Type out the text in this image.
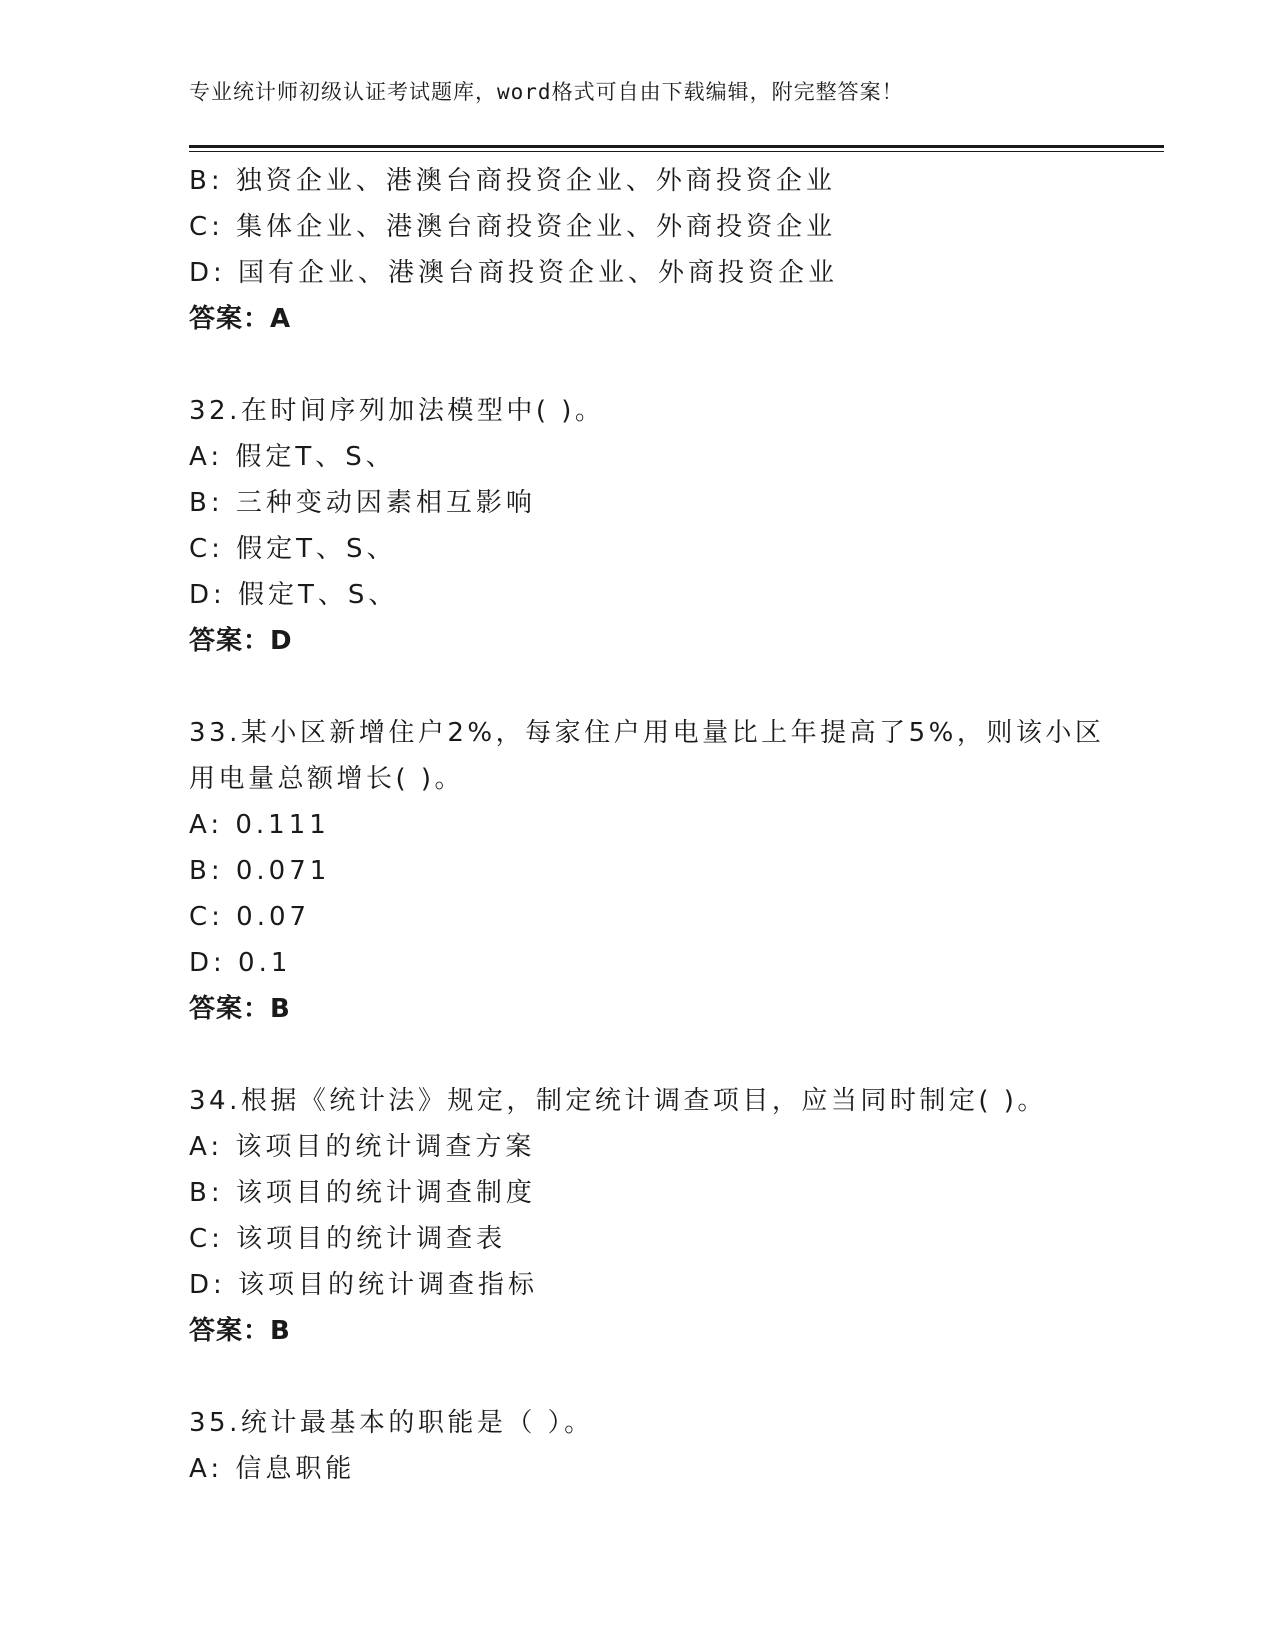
专业统计师初级认证考试题库，word格式可自由下载编辑，附完整答案！
B: 独资企业、港澳台商投资企业、外商投资企业
C: 集体企业、港澳台商投资企业、外商投资企业
D: 国有企业、港澳台商投资企业、外商投资企业
答案：A
32.在时间序列加法模型中( )。
A: 假定T、S、
B: 三种变动因素相互影响
C: 假定T、S、
D: 假定T、S、
答案：D
33.某小区新增住户2%，每家住户用电量比上年提高了5%，则该小区
用电量总额增长( )。
A: 0.111
B: 0.071
C: 0.07
D: 0.1
答案：B
34.根据《统计法》规定，制定统计调查项目，应当同时制定( )。
A: 该项目的统计调查方案
B: 该项目的统计调查制度
C: 该项目的统计调查表
D: 该项目的统计调查指标
答案：B
35.统计最基本的职能是（ ）。
A: 信息职能
